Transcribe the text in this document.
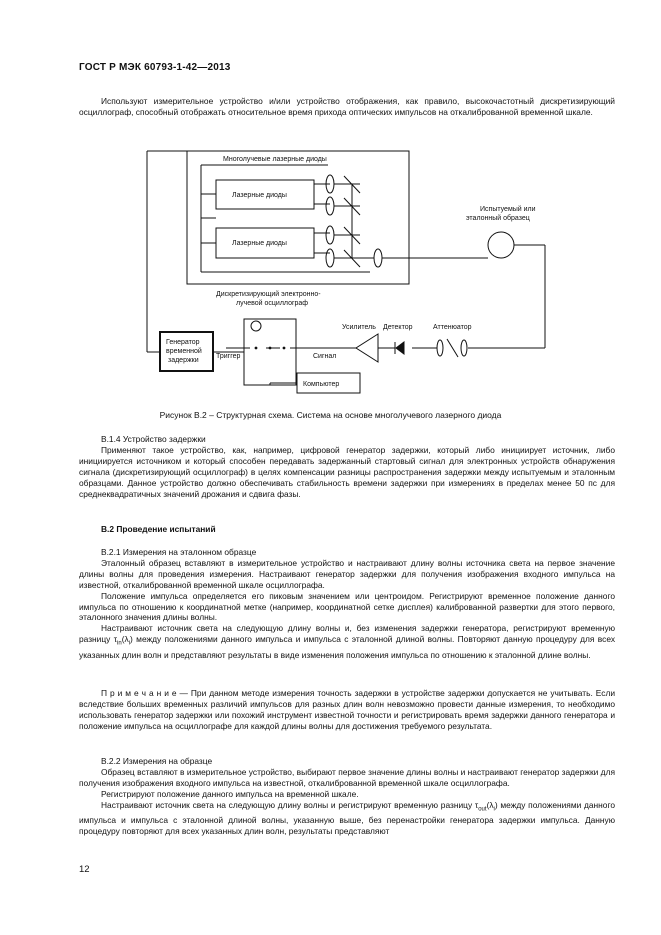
ГОСТ Р МЭК 60793-1-42—2013

Используют измерительное устройство и/или устройство отображения, как правило, высокочастотный дискретизирующий осциллограф, способный отображать относительное время прихода оптических импульсов на откалиброванной временной шкале.

Многолучевые лазерные диоды
Лазерные диоды
Лазерные диоды
Испытуемый или
эталонный образец
Дискретизирующий электронно-
лучевой осциллограф
Усилитель Детектор	Аттенюатор
Генератор
временной
задержки
Триггер	Сигнал
Компьютер
Рисунок В.2 – Структурная схема. Система на основе многолучевого лазерного диода

В.1.4 Устройство задержки

Применяют такое устройство, как, например, цифровой генератор задержки, который либо инициирует источник, либо инициируется источником и который способен передавать задержанный стартовый сигнал для электронных устройств обнаружения сигнала (дискретизирующий осциллограф) в целях компенсации разницы распространения задержки между испытуемым и эталонным образцами. Данное устройство должно обеспечивать стабильность времени задержки при измерениях в пределах менее 50 пс для среднеквадратичных значений дрожания и сдвига фазы.

В.2 Проведение испытаний

В.2.1 Измерения на эталонном образце

Эталонный образец вставляют в измерительное устройство и настраивают длину волны источника света на первое значение длины волны для проведения измерения. Настраивают генератор задержки для получения изображения входного импульса на известной, откалиброванной временной шкале осциллографа.

Положение импульса определяется его пиковым значением или центроидом. Регистрируют временное положение данного импульса по отношению к координатной метке (например, координатной сетке дисплея) калиброванной развертки для этого первого, эталонного значения длины волны.

Настраивают источник света на следующую длину волны и, без изменения задержки генератора, регистрируют временную разницу $\tau_{in}(\lambda_i)$ между положениями данного импульса и импульса с эталонной длиной волны. Повторяют данную процедуру для всех указанных длин волн и представляют результаты в виде изменения положения импульса по отношению к эталонной длине волны.

П р и м е ч а н и е — При данном методе измерения точность задержки в устройстве задержки допускается не учитывать. Если вследствие больших временных различий импульсов для разных длин волн невозможно провести данные измерения, то необходимо использовать генератор задержки или похожий инструмент известной точности и регистрировать время задержки данного генератора и положение импульса на осциллографе для каждой длины волны для достижения требуемого результата.

В.2.2 Измерения на образце

Образец вставляют в измерительное устройство, выбирают первое значение длины волны и настраивают генератор задержки для получения изображения входного импульса на известной, откалиброванной временной шкале осциллографа.

Регистрируют положение данного импульса на временной шкале.

Настраивают источник света на следующую длину волны и регистрируют временную разницу $\tau_{out}(\lambda_i)$ между положениями данного импульса и импульса с эталонной длиной волны, указанную выше, без перенастройки генератора задержки импульса. Данную процедуру повторяют для всех указанных длин волн, результаты представляют

12
